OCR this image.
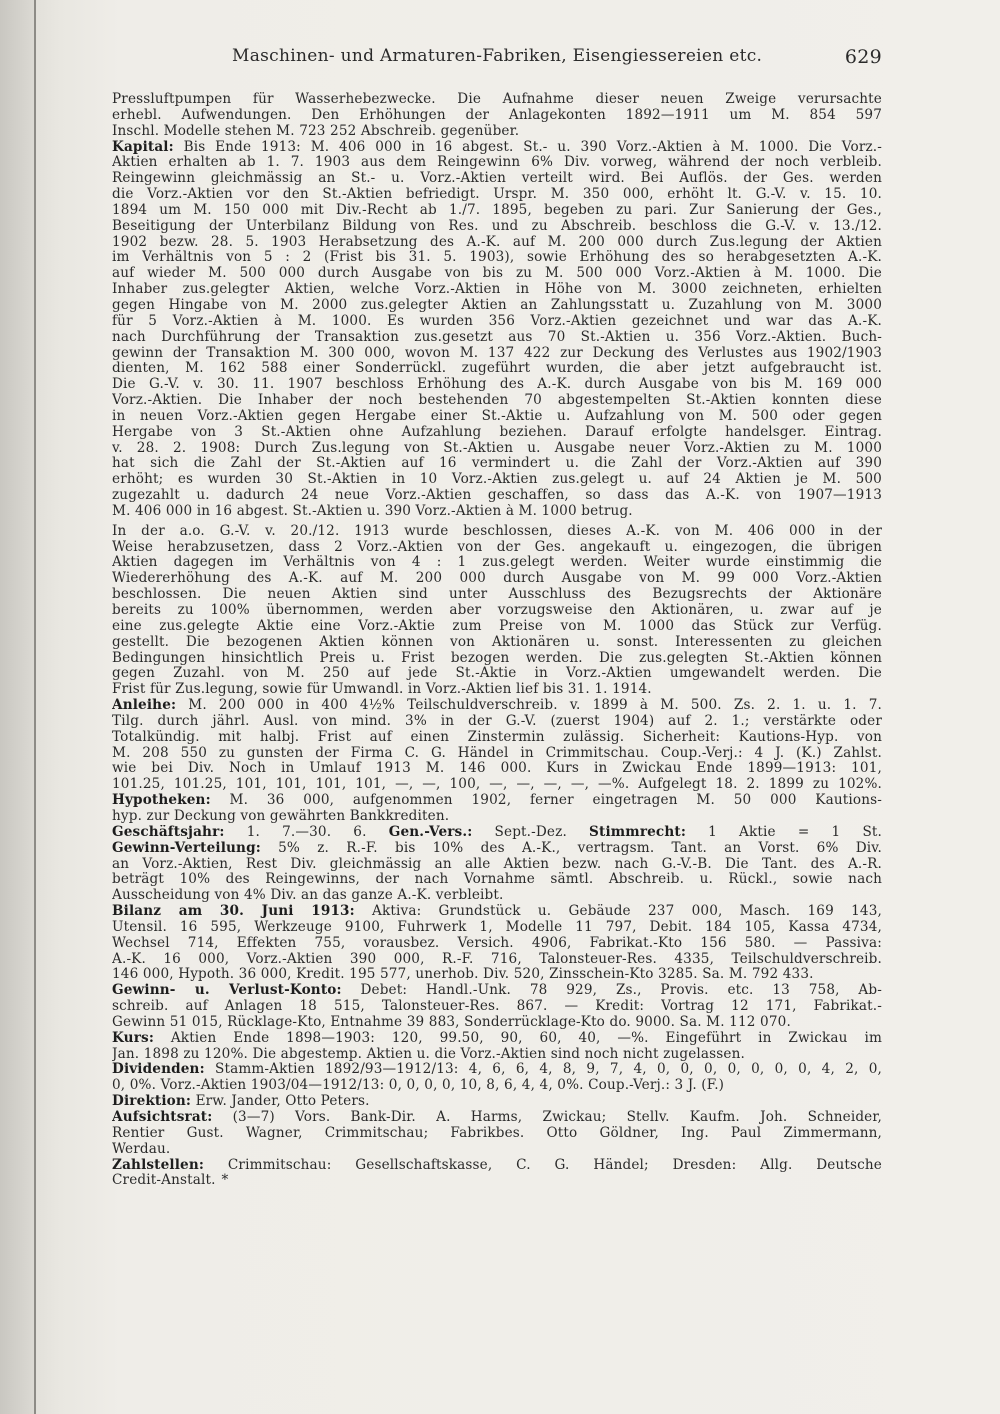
Maschinen- und Armaturen-Fabriken, Eisengiessereien etc.	629
Pressluftpumpen für Wasserhebezwecke. Die Aufnahme dieser neuen Zweige verursachte
erhebl. Aufwendungen. Den Erhöhungen der Anlagekonten 1892—1911 um M. 854 597
Inschl. Modelle stehen M. 723 252 Abschreib. gegenüber.
Kapital: Bis Ende 1913: M. 406 000 in 16 abgest. St.- u. 390 Vorz.-Aktien à M. 1000. Die Vorz.-
Aktien erhalten ab 1. 7. 1903 aus dem Reingewinn 6% Div. vorweg, während der noch verbleib.
Reingewinn gleichmässig an St.- u. Vorz.-Aktien verteilt wird. Bei Auflös. der Ges. werden
die Vorz.-Aktien vor den St.-Aktien befriedigt. Urspr. M. 350 000, erhöht lt. G.-V. v. 15. 10.
1894 um M. 150 000 mit Div.-Recht ab 1./7. 1895, begeben zu pari. Zur Sanierung der Ges.,
Beseitigung der Unterbilanz Bildung von Res. und zu Abschreib. beschloss die G.-V. v. 13./12.
1902 bezw. 28. 5. 1903 Herabsetzung des A.-K. auf M. 200 000 durch Zus.legung der Aktien
im Verhältnis von 5 : 2 (Frist bis 31. 5. 1903), sowie Erhöhung des so herabgesetzten A.-K.
auf wieder M. 500 000 durch Ausgabe von bis zu M. 500 000 Vorz.-Aktien à M. 1000. Die
Inhaber zus.gelegter Aktien, welche Vorz.-Aktien in Höhe von M. 3000 zeichneten, erhielten
gegen Hingabe von M. 2000 zus.gelegter Aktien an Zahlungsstatt u. Zuzahlung von M. 3000
für 5 Vorz.-Aktien à M. 1000. Es wurden 356 Vorz.-Aktien gezeichnet und war das A.-K.
nach Durchführung der Transaktion zus.gesetzt aus 70 St.-Aktien u. 356 Vorz.-Aktien. Buch-
gewinn der Transaktion M. 300 000, wovon M. 137 422 zur Deckung des Verlustes aus 1902/1903
dienten, M. 162 588 einer Sonderrückl. zugeführt wurden, die aber jetzt aufgebraucht ist.
Die G.-V. v. 30. 11. 1907 beschloss Erhöhung des A.-K. durch Ausgabe von bis M. 169 000
Vorz.-Aktien. Die Inhaber der noch bestehenden 70 abgestempelten St.-Aktien konnten diese
in neuen Vorz.-Aktien gegen Hergabe einer St.-Aktie u. Aufzahlung von M. 500 oder gegen
Hergabe von 3 St.-Aktien ohne Aufzahlung beziehen. Darauf erfolgte handelsger. Eintrag.
v. 28. 2. 1908: Durch Zus.legung von St.-Aktien u. Ausgabe neuer Vorz.-Aktien zu M. 1000
hat sich die Zahl der St.-Aktien auf 16 vermindert u. die Zahl der Vorz.-Aktien auf 390
erhöht; es wurden 30 St.-Aktien in 10 Vorz.-Aktien zus.gelegt u. auf 24 Aktien je M. 500
zugezahlt u. dadurch 24 neue Vorz.-Aktien geschaffen, so dass das A.-K. von 1907—1913
M. 406 000 in 16 abgest. St.-Aktien u. 390 Vorz.-Aktien à M. 1000 betrug.
In der a.o. G.-V. v. 20./12. 1913 wurde beschlossen, dieses A.-K. von M. 406 000 in der
Weise herabzusetzen, dass 2 Vorz.-Aktien von der Ges. angekauft u. eingezogen, die übrigen
Aktien dagegen im Verhältnis von 4 : 1 zus.gelegt werden. Weiter wurde einstimmig die
Wiedererhöhung des A.-K. auf M. 200 000 durch Ausgabe von M. 99 000 Vorz.-Aktien
beschlossen. Die neuen Aktien sind unter Ausschluss des Bezugsrechts der Aktionäre
bereits zu 100% übernommen, werden aber vorzugsweise den Aktionären, u. zwar auf je
eine zus.gelegte Aktie eine Vorz.-Aktie zum Preise von M. 1000 das Stück zur Verfüg.
gestellt. Die bezogenen Aktien können von Aktionären u. sonst. Interessenten zu gleichen
Bedingungen hinsichtlich Preis u. Frist bezogen werden. Die zus.gelegten St.-Aktien können
gegen Zuzahl. von M. 250 auf jede St.-Aktie in Vorz.-Aktien umgewandelt werden. Die
Frist für Zus.legung, sowie für Umwandl. in Vorz.-Aktien lief bis 31. 1. 1914.
Anleihe: M. 200 000 in 400 4½% Teilschuldverschreib. v. 1899 à M. 500. Zs. 2. 1. u. 1. 7.
Tilg. durch jährl. Ausl. von mind. 3% in der G.-V. (zuerst 1904) auf 2. 1.; verstärkte oder
Totalkündig. mit halbj. Frist auf einen Zinstermin zulässig. Sicherheit: Kautions-Hyp. von
M. 208 550 zu gunsten der Firma C. G. Händel in Crimmitschau. Coup.-Verj.: 4 J. (K.) Zahlst.
wie bei Div. Noch in Umlauf 1913 M. 146 000. Kurs in Zwickau Ende 1899—1913: 101,
101.25, 101.25, 101, 101, 101, 101, —, —, 100, —, —, —, —, —%. Aufgelegt 18. 2. 1899 zu 102%.
Hypotheken: M. 36 000, aufgenommen 1902, ferner eingetragen M. 50 000 Kautions-
hyp. zur Deckung von gewährten Bankkrediten.
Geschäftsjahr: 1. 7.—30. 6. Gen.-Vers.: Sept.-Dez. Stimmrecht: 1 Aktie = 1 St.
Gewinn-Verteilung: 5% z. R.-F. bis 10% des A.-K., vertragsm. Tant. an Vorst. 6% Div.
an Vorz.-Aktien, Rest Div. gleichmässig an alle Aktien bezw. nach G.-V.-B. Die Tant. des A.-R.
beträgt 10% des Reingewinns, der nach Vornahme sämtl. Abschreib. u. Rückl., sowie nach
Ausscheidung von 4% Div. an das ganze A.-K. verbleibt.
Bilanz am 30. Juni 1913: Aktiva: Grundstück u. Gebäude 237 000, Masch. 169 143,
Utensil. 16 595, Werkzeuge 9100, Fuhrwerk 1, Modelle 11 797, Debit. 184 105, Kassa 4734,
Wechsel 714, Effekten 755, vorausbez. Versich. 4906, Fabrikat.-Kto 156 580. — Passiva:
A.-K. 16 000, Vorz.-Aktien 390 000, R.-F. 716, Talonsteuer-Res. 4335, Teilschuldverschreib.
146 000, Hypoth. 36 000, Kredit. 195 577, unerhob. Div. 520, Zinsschein-Kto 3285. Sa. M. 792 433.
Gewinn- u. Verlust-Konto: Debet: Handl.-Unk. 78 929, Zs., Provis. etc. 13 758, Ab-
schreib. auf Anlagen 18 515, Talonsteuer-Res. 867. — Kredit: Vortrag 12 171, Fabrikat.-
Gewinn 51 015, Rücklage-Kto, Entnahme 39 883, Sonderrücklage-Kto do. 9000. Sa. M. 112 070.
Kurs: Aktien Ende 1898—1903: 120, 99.50, 90, 60, 40, —%. Eingeführt in Zwickau im
Jan. 1898 zu 120%. Die abgestemp. Aktien u. die Vorz.-Aktien sind noch nicht zugelassen.
Dividenden: Stamm-Aktien 1892/93—1912/13: 4, 6, 6, 4, 8, 9, 7, 4, 0, 0, 0, 0, 0, 0, 0, 4, 2, 0,
0, 0%. Vorz.-Aktien 1903/04—1912/13: 0, 0, 0, 0, 10, 8, 6, 4, 4, 0%. Coup.-Verj.: 3 J. (F.)
Direktion: Erw. Jander, Otto Peters.
Aufsichtsrat: (3—7) Vors. Bank-Dir. A. Harms, Zwickau; Stellv. Kaufm. Joh. Schneider,
Rentier Gust. Wagner, Crimmitschau; Fabrikbes. Otto Göldner, Ing. Paul Zimmermann,
Werdau.
Zahlstellen: Crimmitschau: Gesellschaftskasse, C. G. Händel; Dresden: Allg. Deutsche
Credit-Anstalt. *
